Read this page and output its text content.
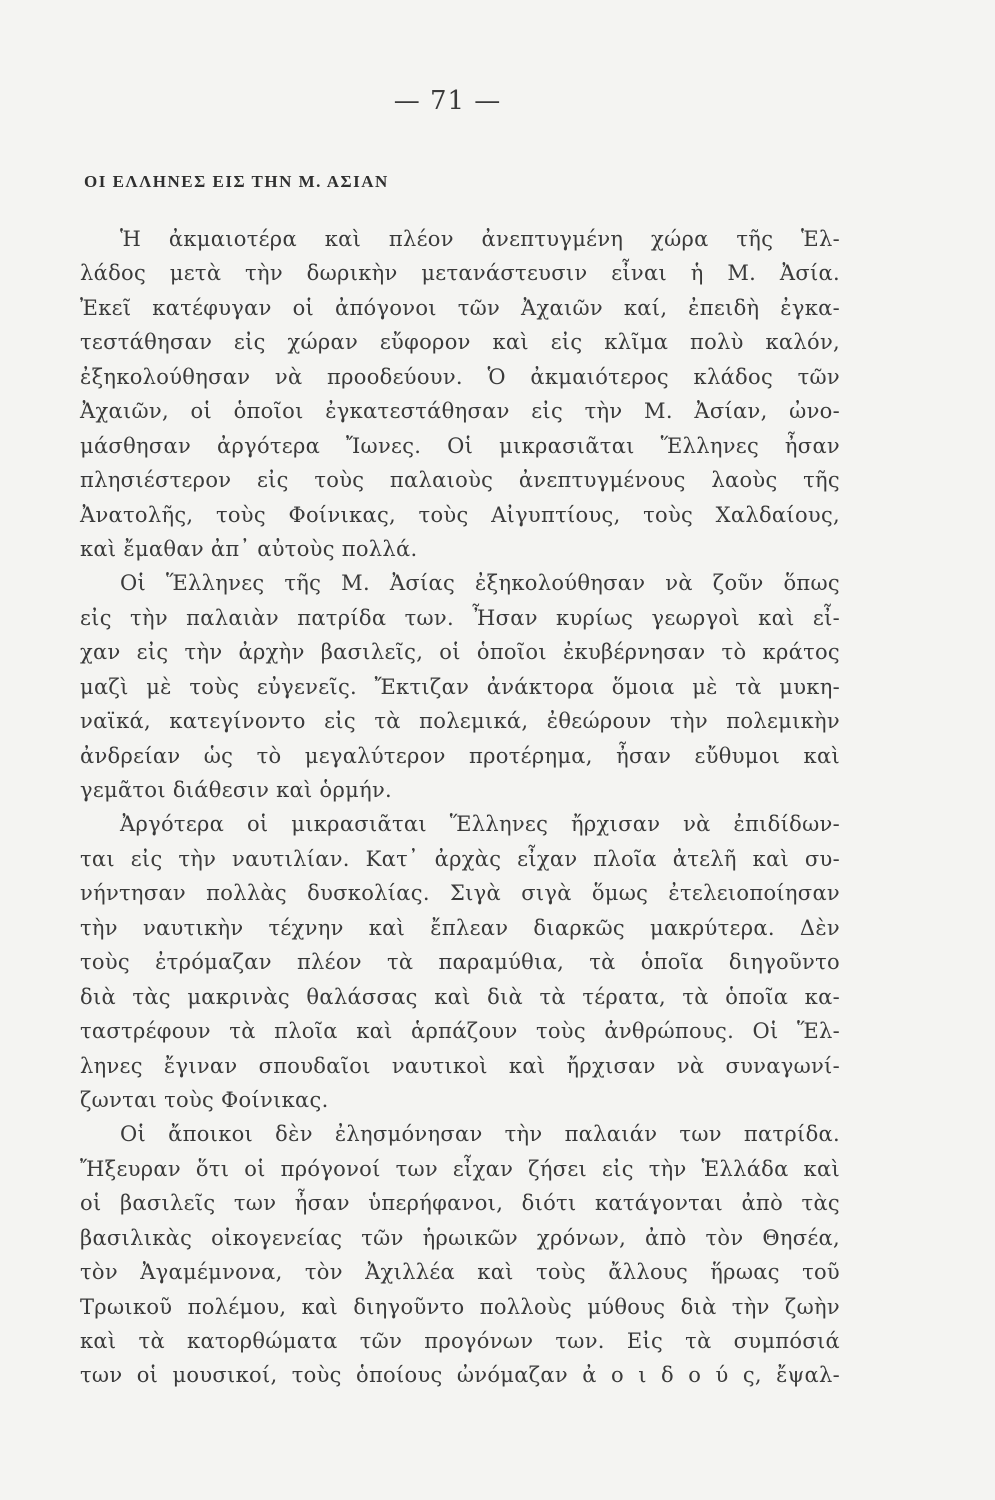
— 71 —
ΟΙ ΕΛΛΗΝΕΣ ΕΙΣ ΤΗΝ Μ. ΑΣΙΑΝ
Ἡ ἀκμαιοτέρα καὶ πλέον ἀνεπτυγμένη χώρα τῆς Ἑλ-
λάδος μετὰ τὴν δωρικὴν μετανάστευσιν εἶναι ἡ Μ. Ἀσία.
Ἐκεῖ κατέφυγαν οἱ ἀπόγονοι τῶν Ἀχαιῶν καί, ἐπειδὴ ἐγκα-
τεστάθησαν εἰς χώραν εὔφορον καὶ εἰς κλῖμα πολὺ καλόν,
ἐξηκολούθησαν νὰ προοδεύουν. Ὁ ἀκμαιότερος κλάδος τῶν
Ἀχαιῶν, οἱ ὁποῖοι ἐγκατεστάθησαν εἰς τὴν Μ. Ἀσίαν, ὠνο-
μάσθησαν ἀργότερα Ἴωνες. Οἱ μικρασιᾶται Ἕλληνες ἦσαν
πλησιέστερον εἰς τοὺς παλαιοὺς ἀνεπτυγμένους λαοὺς τῆς
Ἀνατολῆς, τοὺς Φοίνικας, τοὺς Αἰγυπτίους, τοὺς Χαλδαίους,
καὶ ἔμαθαν ἀπ᾿ αὐτοὺς πολλά.
Οἱ Ἕλληνες τῆς Μ. Ἀσίας ἐξηκολούθησαν νὰ ζοῦν ὅπως
εἰς τὴν παλαιὰν πατρίδα των. Ἦσαν κυρίως γεωργοὶ καὶ εἶ-
χαν εἰς τὴν ἀρχὴν βασιλεῖς, οἱ ὁποῖοι ἐκυβέρνησαν τὸ κράτος
μαζὶ μὲ τοὺς εὐγενεῖς. Ἔκτιζαν ἀνάκτορα ὅμοια μὲ τὰ μυκη-
ναϊκά, κατεγίνοντο εἰς τὰ πολεμικά, ἐθεώρουν τὴν πολεμικὴν
ἀνδρείαν ὡς τὸ μεγαλύτερον προτέρημα, ἦσαν εὔθυμοι καὶ
γεμᾶτοι διάθεσιν καὶ ὁρμήν.
Ἀργότερα οἱ μικρασιᾶται Ἕλληνες ἤρχισαν νὰ ἐπιδίδων-
ται εἰς τὴν ναυτιλίαν. Κατ᾿ ἀρχὰς εἶχαν πλοῖα ἀτελῆ καὶ συ-
νήντησαν πολλὰς δυσκολίας. Σιγὰ σιγὰ ὅμως ἐτελειοποίησαν
τὴν ναυτικὴν τέχνην καὶ ἔπλεαν διαρκῶς μακρύτερα. Δὲν
τοὺς ἐτρόμαζαν πλέον τὰ παραμύθια, τὰ ὁποῖα διηγοῦντο
διὰ τὰς μακρινὰς θαλάσσας καὶ διὰ τὰ τέρατα, τὰ ὁποῖα κα-
ταστρέφουν τὰ πλοῖα καὶ ἁρπάζουν τοὺς ἀνθρώπους. Οἱ Ἕλ-
ληνες ἔγιναν σπουδαῖοι ναυτικοὶ καὶ ἤρχισαν νὰ συναγωνί-
ζωνται τοὺς Φοίνικας.
Οἱ ἄποικοι δὲν ἐλησμόνησαν τὴν παλαιάν των πατρίδα.
Ἤξευραν ὅτι οἱ πρόγονοί των εἶχαν ζήσει εἰς τὴν Ἑλλάδα καὶ
οἱ βασιλεῖς των ἦσαν ὑπερήφανοι, διότι κατάγονται ἀπὸ τὰς
βασιλικὰς οἰκογενείας τῶν ἡρωικῶν χρόνων, ἀπὸ τὸν Θησέα,
τὸν Ἀγαμέμνονα, τὸν Ἀχιλλέα καὶ τοὺς ἄλλους ἥρωας τοῦ
Τρωικοῦ πολέμου, καὶ διηγοῦντο πολλοὺς μύθους διὰ τὴν ζωὴν
καὶ τὰ κατορθώματα τῶν προγόνων των. Εἰς τὰ συμπόσιά
των οἱ μουσικοί, τοὺς ὁποίους ὠνόμαζαν ἀ ο ι δ ο ύ ς, ἔψαλ-
